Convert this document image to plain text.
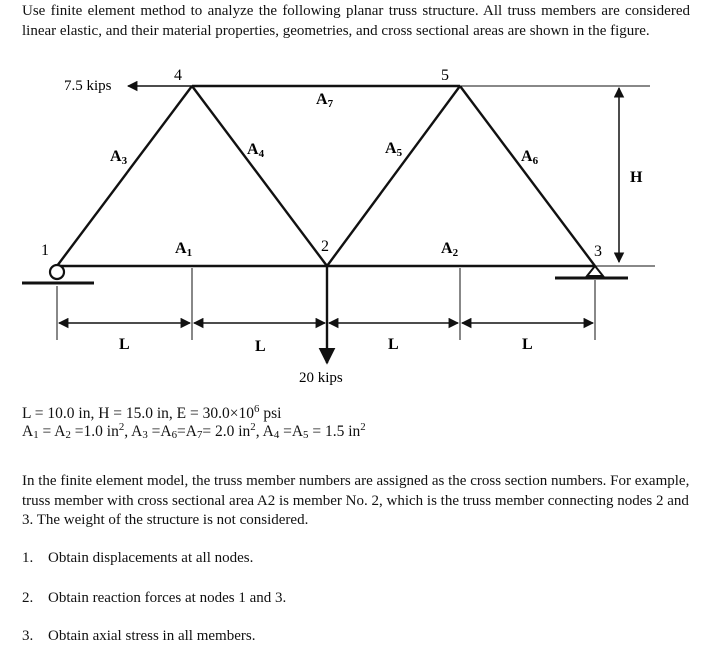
Use finite element method to analyze the following planar truss structure. All truss members are considered linear elastic, and their material properties, geometries, and cross sectional areas are shown in the figure.

7.5 kips
20 kips
H
L	L	L	L
1	2	3
4	5
A1	A2
A3
A4	A5	A6
A7
L = 10.0 in, H = 15.0 in, $E = 30.0\times 10^6$ psi
$A_1 = A_2 =1.0$ $in^2$, $A_3 =A_6=A_7= 2.0$ $in^2$, $A_4 =A_5 = 1.5$ $in^2$

In the finite element model, the truss member numbers are assigned as the cross section numbers. For example, truss member with cross sectional area A2 is member No. 2, which is the truss member connecting nodes 2 and 3. The weight of the structure is not considered.

1. Obtain displacements at all nodes.
2. Obtain reaction forces at nodes 1 and 3.
3. Obtain axial stress in all members.
